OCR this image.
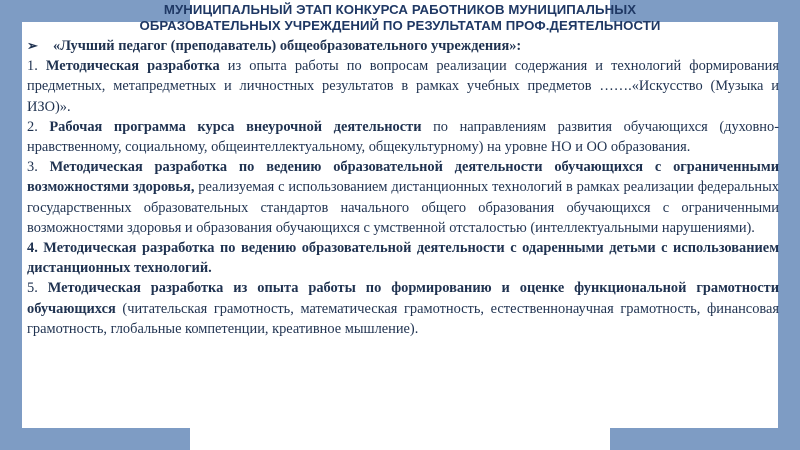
МУНИЦИПАЛЬНЫЙ ЭТАП КОНКУРСА РАБОТНИКОВ МУНИЦИПАЛЬНЫХ
ОБРАЗОВАТЕЛЬНЫХ УЧРЕЖДЕНИЙ ПО РЕЗУЛЬТАТАМ ПРОФ.ДЕЯТЕЛЬНОСТИ
➢ «Лучший педагог (преподаватель) общеобразовательного учреждения»:

1. Методическая разработка из опыта работы по вопросам реализации содержания и технологий формирования предметных, метапредметных и личностных результатов в рамках учебных предметов …….«Искусство (Музыка и ИЗО)».

2. Рабочая программа курса внеурочной деятельности по направлениям развития обучающихся (духовно-нравственному, социальному, общеинтеллектуальному, общекультурному) на уровне НО и ОО образования.

3. Методическая разработка по ведению образовательной деятельности обучающихся с ограниченными возможностями здоровья, реализуемая с использованием дистанционных технологий в рамках реализации федеральных государственных образовательных стандартов начального общего образования обучающихся с ограниченными возможностями здоровья и образования обучающихся с умственной отсталостью (интеллектуальными нарушениями).

4. Методическая разработка по ведению образовательной деятельности с одаренными детьми с использованием дистанционных технологий.

5. Методическая разработка из опыта работы по формированию и оценке функциональной грамотности обучающихся (читательская грамотность, математическая грамотность, естественнонаучная грамотность, финансовая грамотность, глобальные компетенции, креативное мышление).
